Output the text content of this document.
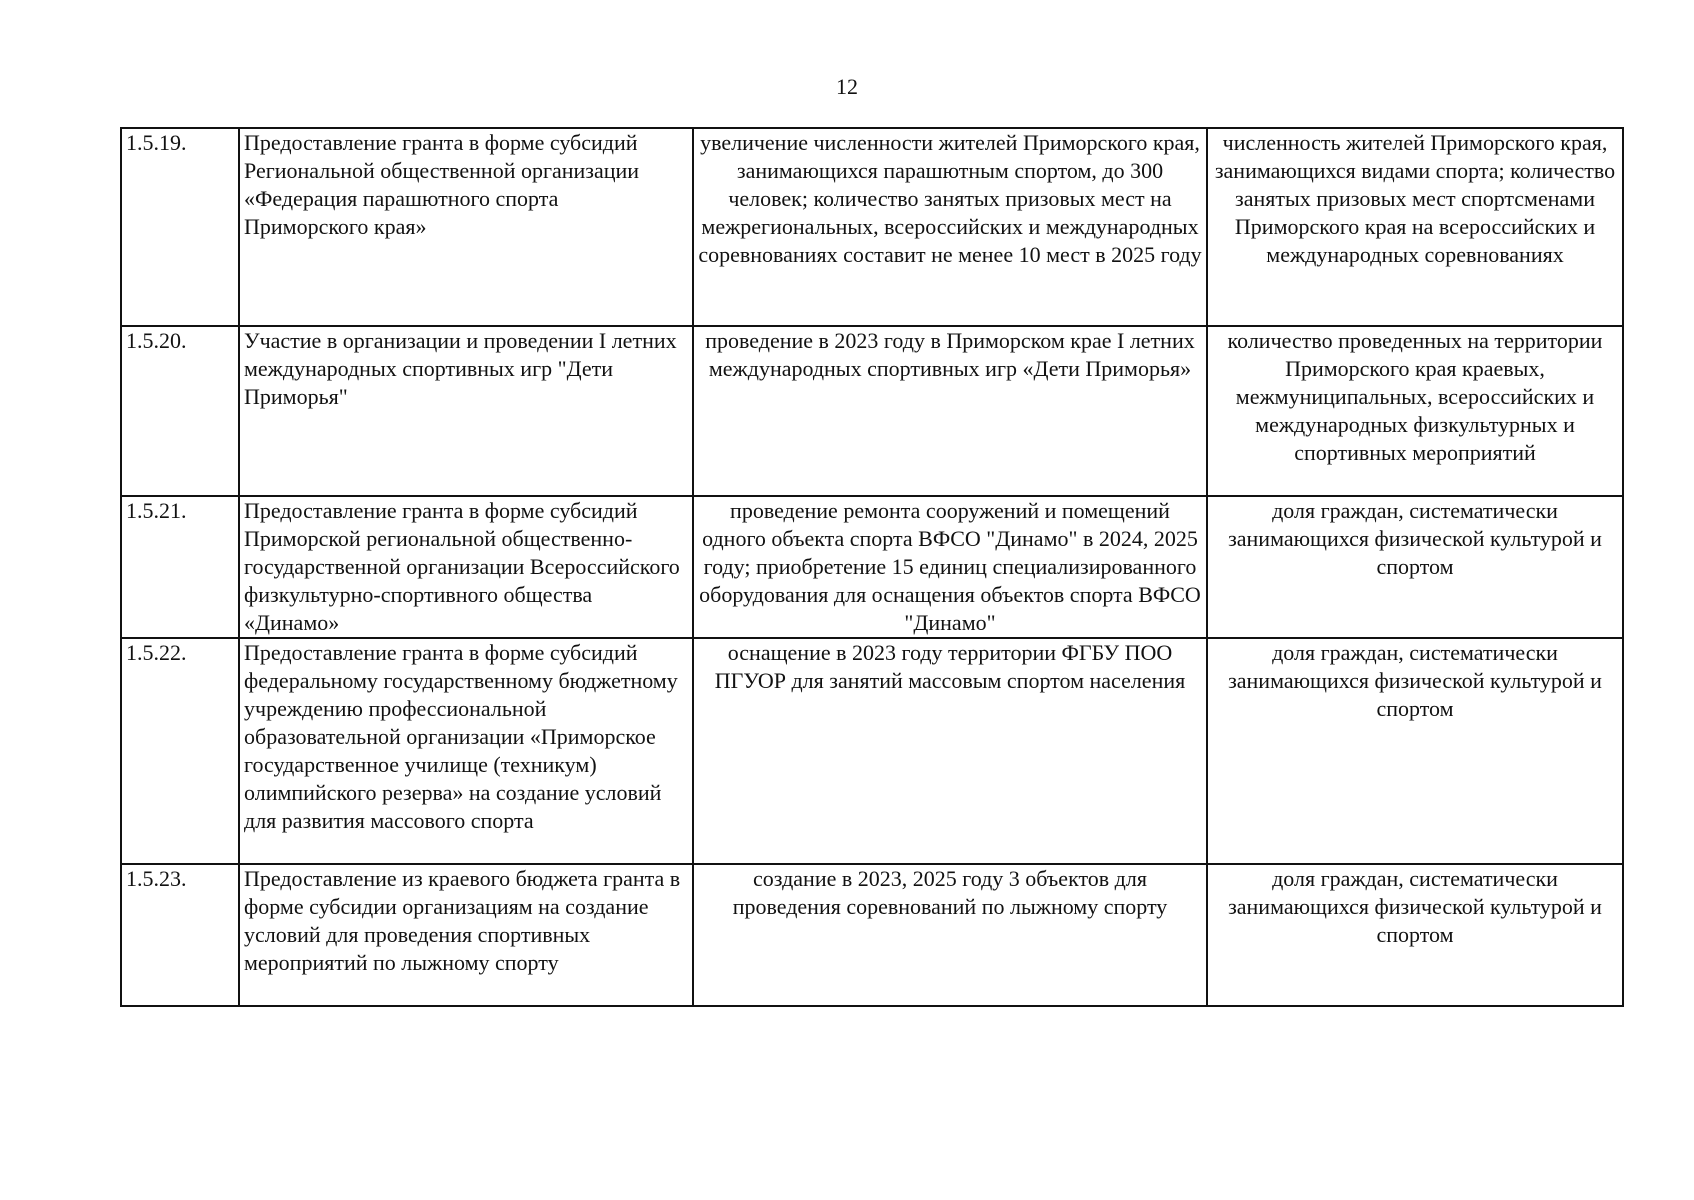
12
1.5.19.	Предоставление гранта в форме субсидий Региональной общественной организации «Федерация парашютного спорта Приморского края»	увеличение численности жителей Приморского края, занимающихся парашютным спортом, до 300 человек; количество занятых призовых мест на межрегиональных, всероссийских и международных соревнованиях составит не менее 10 мест в 2025 году	численность жителей Приморского края, занимающихся видами спорта; количество занятых призовых мест спортсменами Приморского края на всероссийских и международных соревнованиях
1.5.20.	Участие в организации и проведении I летних международных спортивных игр "Дети Приморья"	проведение в 2023 году в Приморском крае I летних международных спортивных игр «Дети Приморья»	количество проведенных на территории Приморского края краевых, межмуниципальных, всероссийских и международных физкультурных и спортивных мероприятий
1.5.21.	Предоставление гранта в форме субсидий Приморской региональной общественно-государственной организации Всероссийского физкультурно-спортивного общества «Динамо»	проведение ремонта сооружений и помещений одного объекта спорта ВФСО "Динамо" в 2024, 2025 году; приобретение 15 единиц специализированного оборудования для оснащения объектов спорта ВФСО "Динамо"	доля граждан, систематически занимающихся физической культурой и спортом
1.5.22.	Предоставление гранта в форме субсидий федеральному государственному бюджетному учреждению профессиональной образовательной организации «Приморское государственное училище (техникум) олимпийского резерва» на создание условий для развития массового спорта	оснащение в 2023 году территории ФГБУ ПОО ПГУОР для занятий массовым спортом населения	доля граждан, систематически занимающихся физической культурой и спортом
1.5.23.	Предоставление из краевого бюджета гранта в форме субсидии организациям на создание условий для проведения спортивных мероприятий по лыжному спорту	создание в 2023, 2025 году 3 объектов для проведения соревнований по лыжному спорту	доля граждан, систематически занимающихся физической культурой и спортом
